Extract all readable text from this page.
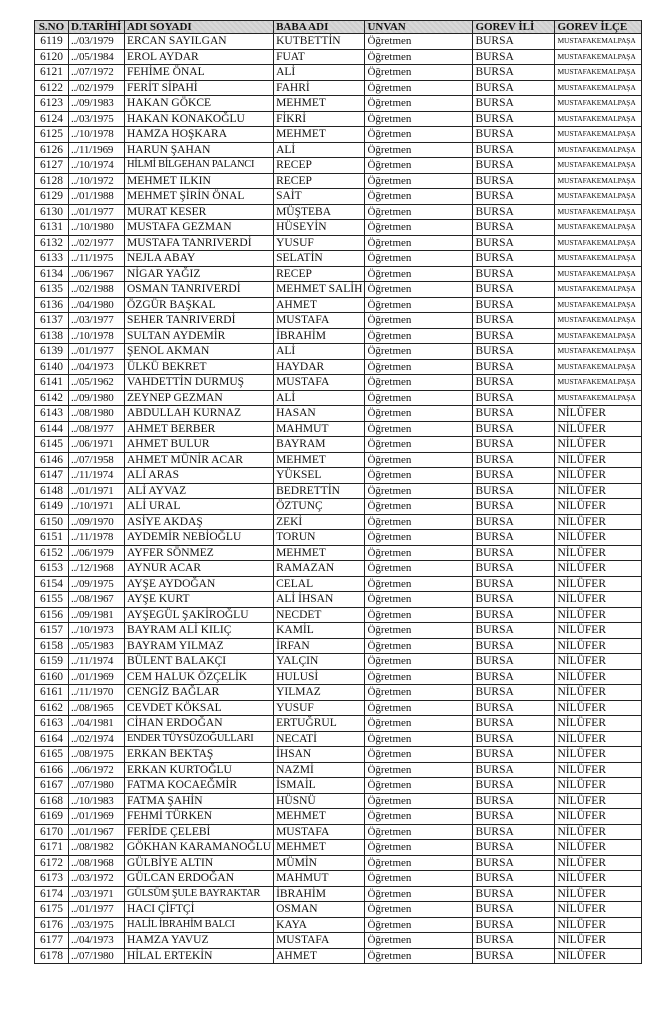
S.NO	D.TARİHİ	ADI SOYADI	BABA ADI	UNVAN	GOREV İLİ	GOREV İLÇE
6119	../03/1979	ERCAN SAYILGAN	KUTBETTİN	Öğretmen	BURSA	MUSTAFAKEMALPAŞA
6120	../05/1984	EROL AYDAR	FUAT	Öğretmen	BURSA	MUSTAFAKEMALPAŞA
6121	../07/1972	FEHİME ÖNAL	ALİ	Öğretmen	BURSA	MUSTAFAKEMALPAŞA
6122	../02/1979	FERİT SİPAHİ	FAHRİ	Öğretmen	BURSA	MUSTAFAKEMALPAŞA
6123	../09/1983	HAKAN GÖKCE	MEHMET	Öğretmen	BURSA	MUSTAFAKEMALPAŞA
6124	../03/1975	HAKAN KONAKOĞLU	FİKRİ	Öğretmen	BURSA	MUSTAFAKEMALPAŞA
6125	../10/1978	HAMZA HOŞKARA	MEHMET	Öğretmen	BURSA	MUSTAFAKEMALPAŞA
6126	../11/1969	HARUN ŞAHAN	ALİ	Öğretmen	BURSA	MUSTAFAKEMALPAŞA
6127	../10/1974	HİLMİ BİLGEHAN PALANCI	RECEP	Öğretmen	BURSA	MUSTAFAKEMALPAŞA
6128	../10/1972	MEHMET ILKIN	RECEP	Öğretmen	BURSA	MUSTAFAKEMALPAŞA
6129	../01/1988	MEHMET ŞİRİN ÖNAL	SAİT	Öğretmen	BURSA	MUSTAFAKEMALPAŞA
6130	../01/1977	MURAT KESER	MÜŞTEBA	Öğretmen	BURSA	MUSTAFAKEMALPAŞA
6131	../10/1980	MUSTAFA GEZMAN	HÜSEYİN	Öğretmen	BURSA	MUSTAFAKEMALPAŞA
6132	../02/1977	MUSTAFA TANRIVERDİ	YUSUF	Öğretmen	BURSA	MUSTAFAKEMALPAŞA
6133	../11/1975	NEJLA ABAY	SELATİN	Öğretmen	BURSA	MUSTAFAKEMALPAŞA
6134	../06/1967	NİGAR YAĞIZ	RECEP	Öğretmen	BURSA	MUSTAFAKEMALPAŞA
6135	../02/1988	OSMAN TANRIVERDİ	MEHMET SALİH	Öğretmen	BURSA	MUSTAFAKEMALPAŞA
6136	../04/1980	ÖZGÜR BAŞKAL	AHMET	Öğretmen	BURSA	MUSTAFAKEMALPAŞA
6137	../03/1977	SEHER TANRIVERDİ	MUSTAFA	Öğretmen	BURSA	MUSTAFAKEMALPAŞA
6138	../10/1978	SULTAN AYDEMİR	İBRAHİM	Öğretmen	BURSA	MUSTAFAKEMALPAŞA
6139	../01/1977	ŞENOL AKMAN	ALİ	Öğretmen	BURSA	MUSTAFAKEMALPAŞA
6140	../04/1973	ÜLKÜ BEKRET	HAYDAR	Öğretmen	BURSA	MUSTAFAKEMALPAŞA
6141	../05/1962	VAHDETTİN DURMUŞ	MUSTAFA	Öğretmen	BURSA	MUSTAFAKEMALPAŞA
6142	../09/1980	ZEYNEP GEZMAN	ALİ	Öğretmen	BURSA	MUSTAFAKEMALPAŞA
6143	../08/1980	ABDULLAH KURNAZ	HASAN	Öğretmen	BURSA	NİLÜFER
6144	../08/1977	AHMET BERBER	MAHMUT	Öğretmen	BURSA	NİLÜFER
6145	../06/1971	AHMET BULUR	BAYRAM	Öğretmen	BURSA	NİLÜFER
6146	../07/1958	AHMET MÜNİR ACAR	MEHMET	Öğretmen	BURSA	NİLÜFER
6147	../11/1974	ALİ ARAS	YÜKSEL	Öğretmen	BURSA	NİLÜFER
6148	../01/1971	ALİ AYVAZ	BEDRETTİN	Öğretmen	BURSA	NİLÜFER
6149	../10/1971	ALİ URAL	ÖZTUNÇ	Öğretmen	BURSA	NİLÜFER
6150	../09/1970	ASİYE AKDAŞ	ZEKİ	Öğretmen	BURSA	NİLÜFER
6151	../11/1978	AYDEMİR NEBİOĞLU	TORUN	Öğretmen	BURSA	NİLÜFER
6152	../06/1979	AYFER SÖNMEZ	MEHMET	Öğretmen	BURSA	NİLÜFER
6153	../12/1968	AYNUR ACAR	RAMAZAN	Öğretmen	BURSA	NİLÜFER
6154	../09/1975	AYŞE AYDOĞAN	CELAL	Öğretmen	BURSA	NİLÜFER
6155	../08/1967	AYŞE KURT	ALİ İHSAN	Öğretmen	BURSA	NİLÜFER
6156	../09/1981	AYŞEGÜL ŞAKİROĞLU	NECDET	Öğretmen	BURSA	NİLÜFER
6157	../10/1973	BAYRAM ALİ KILIÇ	KAMİL	Öğretmen	BURSA	NİLÜFER
6158	../05/1983	BAYRAM YILMAZ	İRFAN	Öğretmen	BURSA	NİLÜFER
6159	../11/1974	BÜLENT BALAKÇI	YALÇIN	Öğretmen	BURSA	NİLÜFER
6160	../01/1969	CEM HALUK ÖZÇELİK	HULUSİ	Öğretmen	BURSA	NİLÜFER
6161	../11/1970	CENGİZ BAĞLAR	YILMAZ	Öğretmen	BURSA	NİLÜFER
6162	../08/1965	CEVDET KÖKSAL	YUSUF	Öğretmen	BURSA	NİLÜFER
6163	../04/1981	CİHAN ERDOĞAN	ERTUĞRUL	Öğretmen	BURSA	NİLÜFER
6164	../02/1974	ENDER TÜYSÜZOĞULLARI	NECATİ	Öğretmen	BURSA	NİLÜFER
6165	../08/1975	ERKAN BEKTAŞ	İHSAN	Öğretmen	BURSA	NİLÜFER
6166	../06/1972	ERKAN KURTOĞLU	NAZMİ	Öğretmen	BURSA	NİLÜFER
6167	../07/1980	FATMA KOCAEĞMİR	İSMAİL	Öğretmen	BURSA	NİLÜFER
6168	../10/1983	FATMA ŞAHİN	HÜSNÜ	Öğretmen	BURSA	NİLÜFER
6169	../01/1969	FEHMİ TÜRKEN	MEHMET	Öğretmen	BURSA	NİLÜFER
6170	../01/1967	FERİDE ÇELEBİ	MUSTAFA	Öğretmen	BURSA	NİLÜFER
6171	../08/1982	GÖKHAN KARAMANOĞLU	MEHMET	Öğretmen	BURSA	NİLÜFER
6172	../08/1968	GÜLBİYE ALTIN	MÜMİN	Öğretmen	BURSA	NİLÜFER
6173	../03/1972	GÜLCAN ERDOĞAN	MAHMUT	Öğretmen	BURSA	NİLÜFER
6174	../03/1971	GÜLSÜM ŞULE BAYRAKTAR	İBRAHİM	Öğretmen	BURSA	NİLÜFER
6175	../01/1977	HACI ÇİFTÇİ	OSMAN	Öğretmen	BURSA	NİLÜFER
6176	../03/1975	HALİL İBRAHİM BALCI	KAYA	Öğretmen	BURSA	NİLÜFER
6177	../04/1973	HAMZA YAVUZ	MUSTAFA	Öğretmen	BURSA	NİLÜFER
6178	../07/1980	HİLAL ERTEKİN	AHMET	Öğretmen	BURSA	NİLÜFER
